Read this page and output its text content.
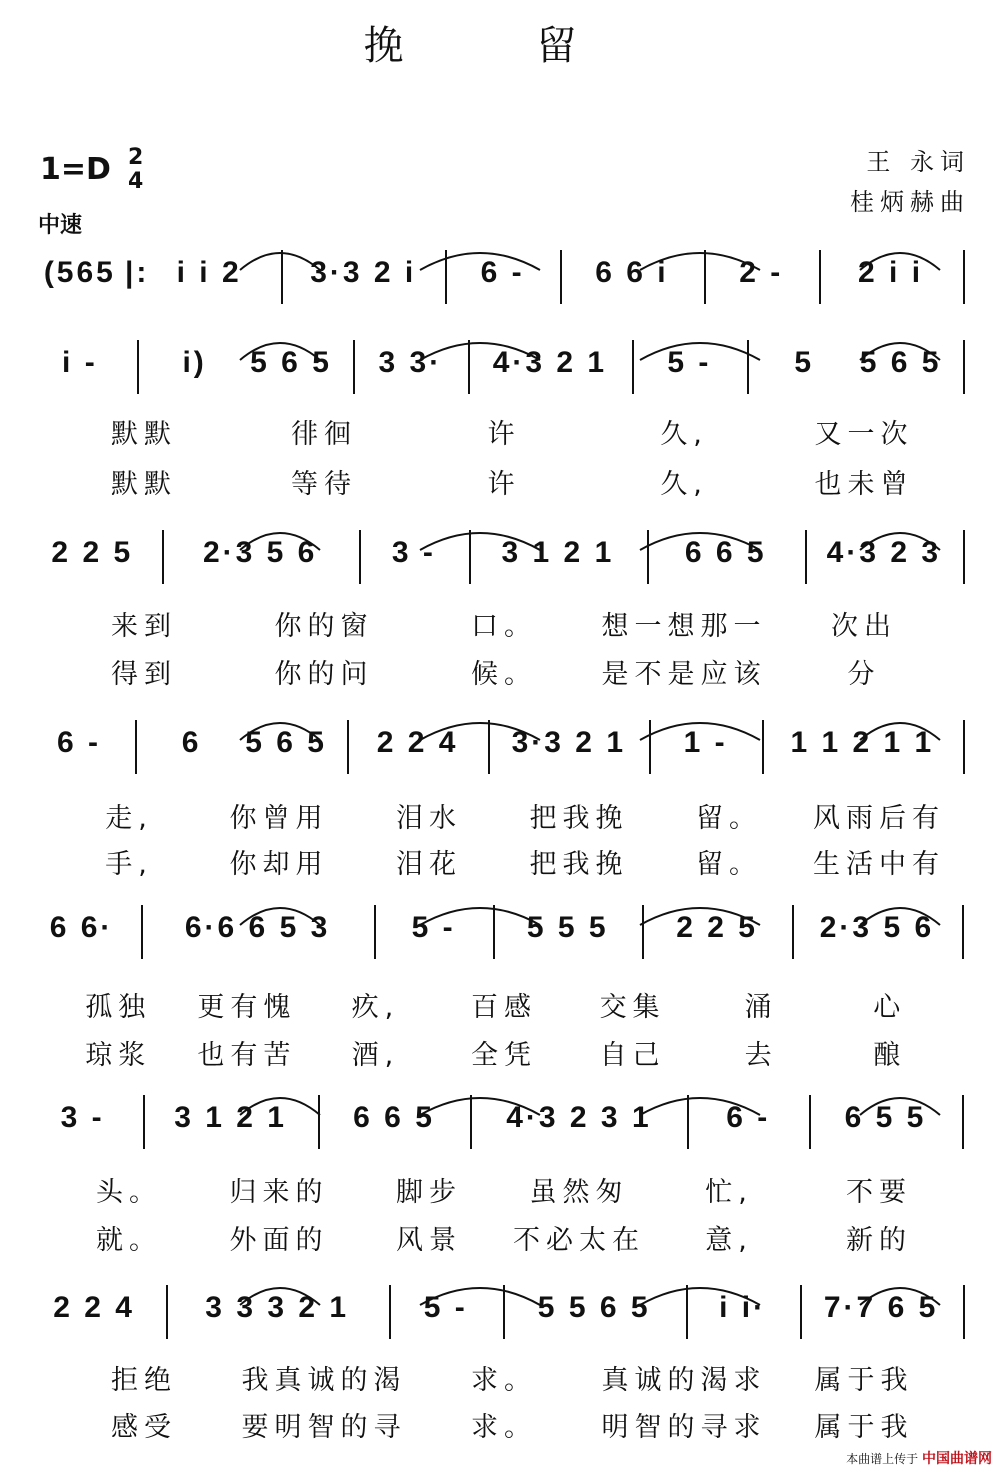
挽 留
1=D 2
4
中速
王 永词
桂炳赫曲
(565 |: i i 2 3·3 2 i 6 - 6 6 i 2 - 2 i i
i -	i) 5 6 5 3 3· 4·3 2 1 5 -	5 5 6 5
默默	徘徊	许	久,	又一次
默默	等待	许	久,	也未曾
2 2 5 2·3 5 6 3 - 3 1 2 1 6 6 5 4·3 2 3
来到	你的窗	口。 想一想那一 次出
得到	你的问	候。 是不是应该	分
6 -	6 5 6 5 2 2 4 3·3 2 1 1 - 1 1 2 1 1
走,	你曾用	泪水	把我挽	留。 风雨后有
手,	你却用	泪花	把我挽	留。 生活中有
6 6· 6·6 6 5 3	5 - 5 5 5 2 2 5 2·3 5 6
孤独 更有愧 疚,	百感 交集	涌	心
琼浆 也有苦 酒,	全凭 自己	去	酿
3 - 3 1 2 1 6 6 5 4·3 2 3 1 6 - 6 5 5
头。	归来的	脚步	虽然匆	忙,	不要
就。	外面的	风景 不必太在 意,	新的
2 2 4 3 3 3 2 1 5 - 5 5 6 5 i i· 7·7 6 5
拒绝 我真诚的渴 求。 真诚的渴求 属于我
感受 要明智的寻 求。 明智的寻求 属于我
本曲谱上传于 中国曲谱网
